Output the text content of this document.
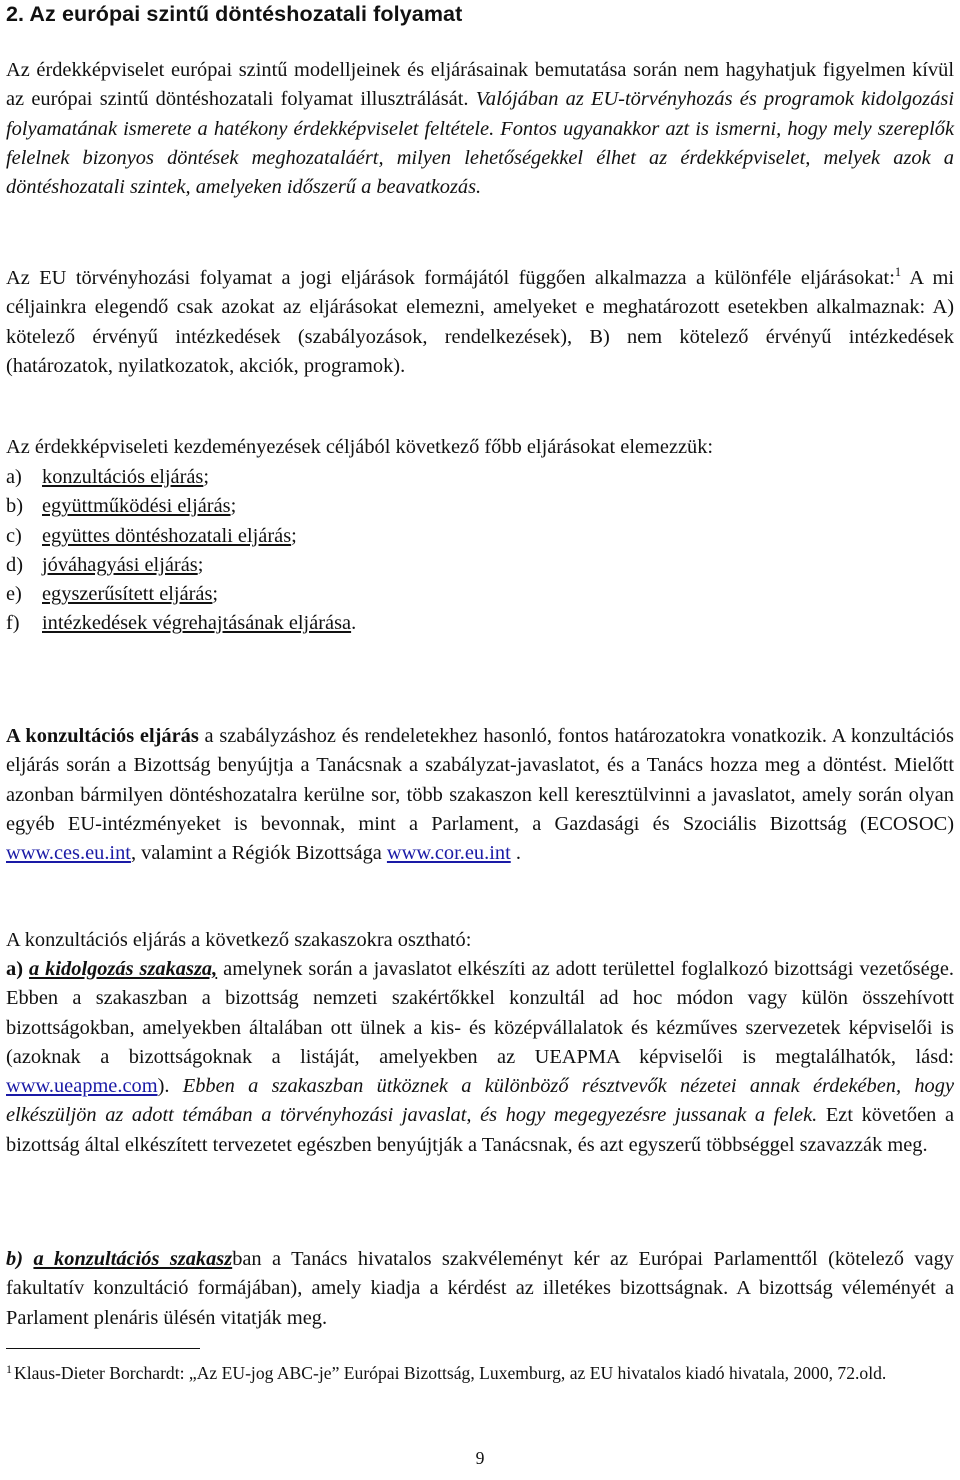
2. Az európai szintű döntéshozatali folyamat

Az érdekképviselet európai szintű modelljeinek és eljárásainak bemutatása során nem hagyhatjuk figyelmen kívül az európai szintű döntéshozatali folyamat illusztrálását. Valójában az EU-törvényhozás és programok kidolgozási folyamatának ismerete a hatékony érdekképviselet feltétele. Fontos ugyanakkor azt is ismerni, hogy mely szereplők felelnek bizonyos döntések meghozataláért, milyen lehetőségekkel élhet az érdekképviselet, melyek azok a döntéshozatali szintek, amelyeken időszerű a beavatkozás.

Az EU törvényhozási folyamat a jogi eljárások formájától függően alkalmazza a különféle eljárásokat:$^1$ A mi céljainkra elegendő csak azokat az eljárásokat elemezni, amelyeket e meghatározott esetekben alkalmaznak: A) kötelező érvényű intézkedések (szabályozások, rendelkezések), B) nem kötelező érvényű intézkedések (határozatok, nyilatkozatok, akciók, programok).

Az érdekképviseleti kezdeményezések céljából következő főbb eljárásokat elemezzük:

a) konzultációs eljárás ;
b) együttműködési eljárás ;
c) együttes döntéshozatali eljárás ;
d) jóváhagyási eljárás ;
e) egyszerűsített eljárás ;
f)	intézkedések végrehajtásának eljárása .

A konzultációs eljárás a szabályzáshoz és rendeletekhez hasonló, fontos határozatokra vonatkozik. A konzultációs eljárás során a Bizottság benyújtja a Tanácsnak a szabályzat-javaslatot, és a Tanács hozza meg a döntést. Mielőtt azonban bármilyen döntéshozatalra kerülne sor, több szakaszon kell keresztülvinni a javaslatot, amely során olyan egyéb EU-intézményeket is bevonnak, mint a Parlament, a Gazdasági és Szociális Bizottság (ECOSOC) www.ces.eu.int, valamint a Régiók Bizottsága www.cor.eu.int .

A konzultációs eljárás a következő szakaszokra osztható:

a) a kidolgozás szakasza, amelynek során a javaslatot elkészíti az adott területtel foglalkozó bizottsági vezetősége. Ebben a szakaszban a bizottság nemzeti szakértőkkel konzultál ad hoc módon vagy külön összehívott bizottságokban, amelyekben általában ott ülnek a kis- és középvállalatok és kézműves szervezetek képviselői is (azoknak a bizottságoknak a listáját, amelyekben az UEAPMA képviselői is megtalálhatók, lásd: www.ueapme.com). Ebben a szakaszban ütköznek a különböző résztvevők nézetei annak érdekében, hogy elkészüljön az adott témában a törvényhozási javaslat, és hogy megegyezésre jussanak a felek. Ezt követően a bizottság által elkészített tervezetet egészben benyújtják a Tanácsnak, és azt egyszerű többséggel szavazzák meg.

b) a konzultációs szakaszban a Tanács hivatalos szakvéleményt kér az Európai Parlamenttől (kötelező vagy fakultatív konzultáció formájában), amely kiadja a kérdést az illetékes bizottságnak. A bizottság véleményét a Parlament plenáris ülésén vitatják meg.

$^1$ Klaus-Dieter Borchardt: „Az EU-jog ABC-je” Európai Bizottság, Luxemburg, az EU hivatalos kiadó hivatala, 2000, 72.old.
9
